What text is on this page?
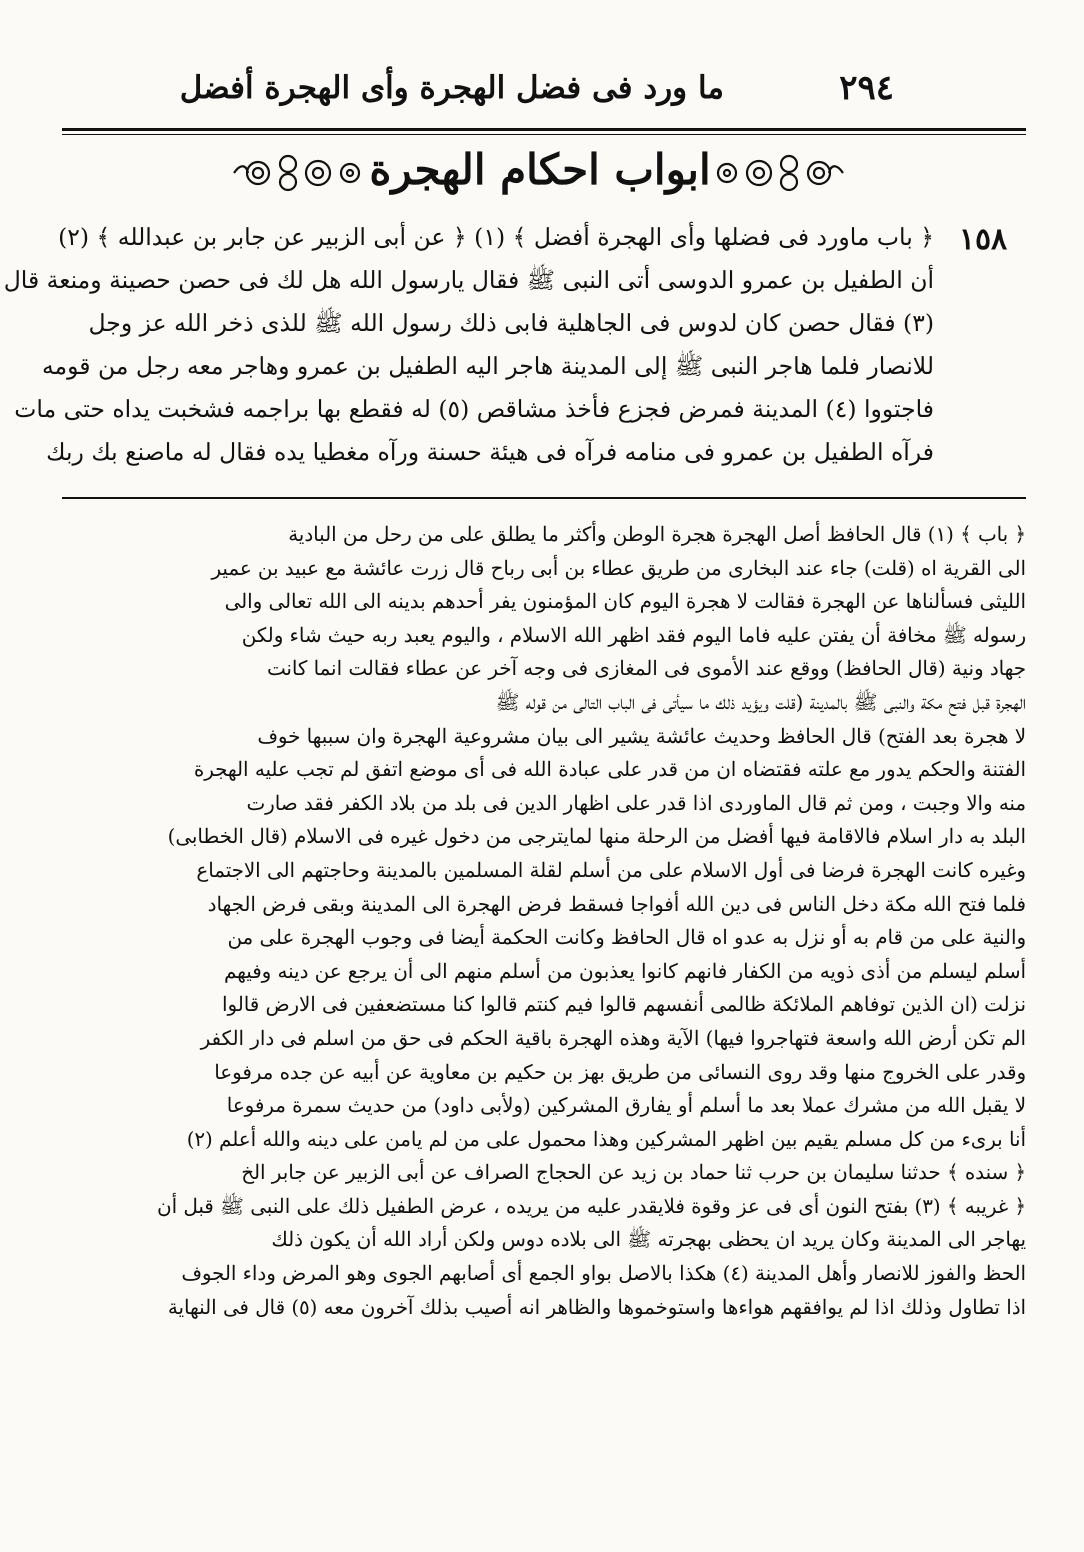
٢٩٤
ما ورد فى فضل الهجرة وأى الهجرة أفضل
ابواب احكام الهجرة
١٥٨
﴿ باب ماورد فى فضلها وأى الهجرة أفضل ﴾ (١) ﴿ عن أبى الزبير عن جابر بن عبدالله ﴾ (٢)
أن الطفيل بن عمرو الدوسى أتى النبى ﷺ فقال يارسول الله هل لك فى حصن حصينة ومنعة قال
(٣) فقال حصن كان لدوس فى الجاهلية فابى ذلك رسول الله ﷺ للذى ذخر الله عز وجل
للانصار فلما هاجر النبى ﷺ إلى المدينة هاجر اليه الطفيل بن عمرو وهاجر معه رجل من قومه
فاجتووا (٤) المدينة فمرض فجزع فأخذ مشاقص (٥) له فقطع بها براجمه فشخبت يداه حتى مات
فرآه الطفيل بن عمرو فى منامه فرآه فى هيئة حسنة ورآه مغطيا يده فقال له ماصنع بك ربك
﴿ باب ﴾ (١) قال الحافظ أصل الهجرة هجرة الوطن وأكثر ما يطلق على من رحل من البادية
الى القرية اه (قلت) جاء عند البخارى من طريق عطاء بن أبى رباح قال زرت عائشة مع عبيد بن عمير
الليثى فسألناها عن الهجرة فقالت لا هجرة اليوم كان المؤمنون يفر أحدهم بدينه الى الله تعالى والى
رسوله ﷺ مخافة أن يفتن عليه فاما اليوم فقد اظهر الله الاسلام ، واليوم يعبد ربه حيث شاء ولكن
جهاد ونية (قال الحافظ) ووقع عند الأموى فى المغازى فى وجه آخر عن عطاء فقالت انما كانت
الهجرة قبل فتح مكة والنبى ﷺ بالمدينة (قلت ويؤيد ذلك ما سيأتى فى الباب التالى من قوله ﷺ
لا هجرة بعد الفتح) قال الحافظ وحديث عائشة يشير الى بيان مشروعية الهجرة وان سببها خوف
الفتنة والحكم يدور مع علته فقتضاه ان من قدر على عبادة الله فى أى موضع اتفق لم تجب عليه الهجرة
منه والا وجبت ، ومن ثم قال الماوردى اذا قدر على اظهار الدين فى بلد من بلاد الكفر فقد صارت
البلد به دار اسلام فالاقامة فيها أفضل من الرحلة منها لمايترجى من دخول غيره فى الاسلام (قال الخطابى)
وغيره كانت الهجرة فرضا فى أول الاسلام على من أسلم لقلة المسلمين بالمدينة وحاجتهم الى الاجتماع
فلما فتح الله مكة دخل الناس فى دين الله أفواجا فسقط فرض الهجرة الى المدينة وبقى فرض الجهاد
والنية على من قام به أو نزل به عدو اه قال الحافظ وكانت الحكمة أيضا فى وجوب الهجرة على من
أسلم ليسلم من أذى ذويه من الكفار فانهم كانوا يعذبون من أسلم منهم الى أن يرجع عن دينه وفيهم
نزلت (ان الذين توفاهم الملائكة ظالمى أنفسهم قالوا فيم كنتم قالوا كنا مستضعفين فى الارض قالوا
الم تكن أرض الله واسعة فتهاجروا فيها) الآية وهذه الهجرة باقية الحكم فى حق من اسلم فى دار الكفر
وقدر على الخروج منها وقد روى النسائى من طريق بهز بن حكيم بن معاوية عن أبيه عن جده مرفوعا
لا يقبل الله من مشرك عملا بعد ما أسلم أو يفارق المشركين (ولأبى داود) من حديث سمرة مرفوعا
أنا برىء من كل مسلم يقيم بين اظهر المشركين وهذا محمول على من لم يامن على دينه والله أعلم (٢)
﴿ سنده ﴾ حدثنا سليمان بن حرب ثنا حماد بن زيد عن الحجاج الصراف عن أبى الزبير عن جابر الخ
﴿ غريبه ﴾ (٣) بفتح النون أى فى عز وقوة فلايقدر عليه من يريده ، عرض الطفيل ذلك على النبى ﷺ قبل أن
يهاجر الى المدينة وكان يريد ان يحظى بهجرته ﷺ الى بلاده دوس ولكن أراد الله أن يكون ذلك
الحظ والفوز للانصار وأهل المدينة (٤) هكذا بالاصل بواو الجمع أى أصابهم الجوى وهو المرض وداء الجوف
اذا تطاول وذلك اذا لم يوافقهم هواءها واستوخموها والظاهر انه أصيب بذلك آخرون معه (٥) قال فى النهاية
